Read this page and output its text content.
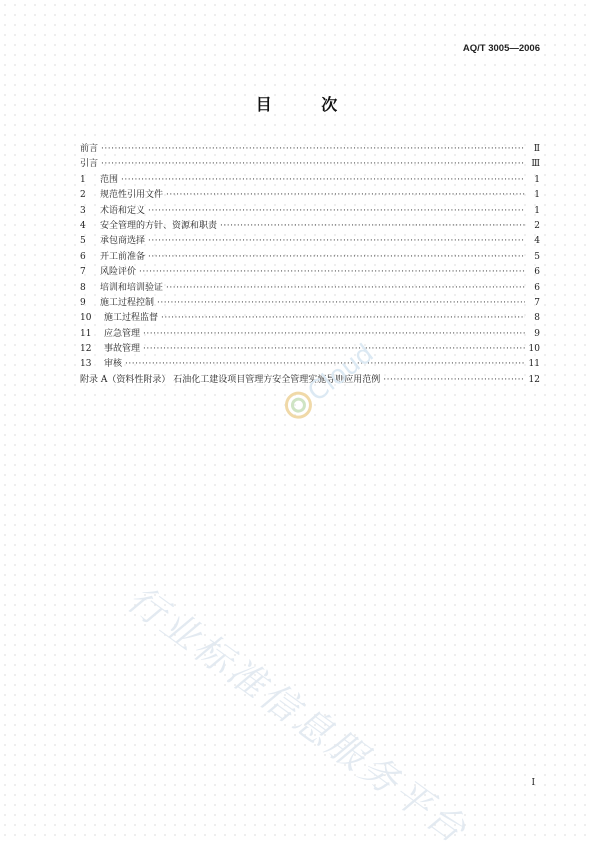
AQ/T 3005—2006
目 次
前言 ·····	Ⅱ
引言 ·····	Ⅲ
1	范围 ·····	1
2	规范性引用文件 ·····	1
3	术语和定义 ·····	1
4	安全管理的方针、资源和职责 ·····	2
5	承包商选择 ·····	4
6	开工前准备 ·····	5
7	风险评价 ·····	6
8	培训和培训验证 ·····	6
9	施工过程控制 ·····	7
10	施工过程监督 ·····	8
11	应急管理 ·····	9
12	事故管理 ·····	10
13	审核 ·····	11
附录 A（资料性附录） 石油化工建设项目管理方安全管理实施导则应用范例 ·····	12
Cloud
行业标准信息服务平台	I
